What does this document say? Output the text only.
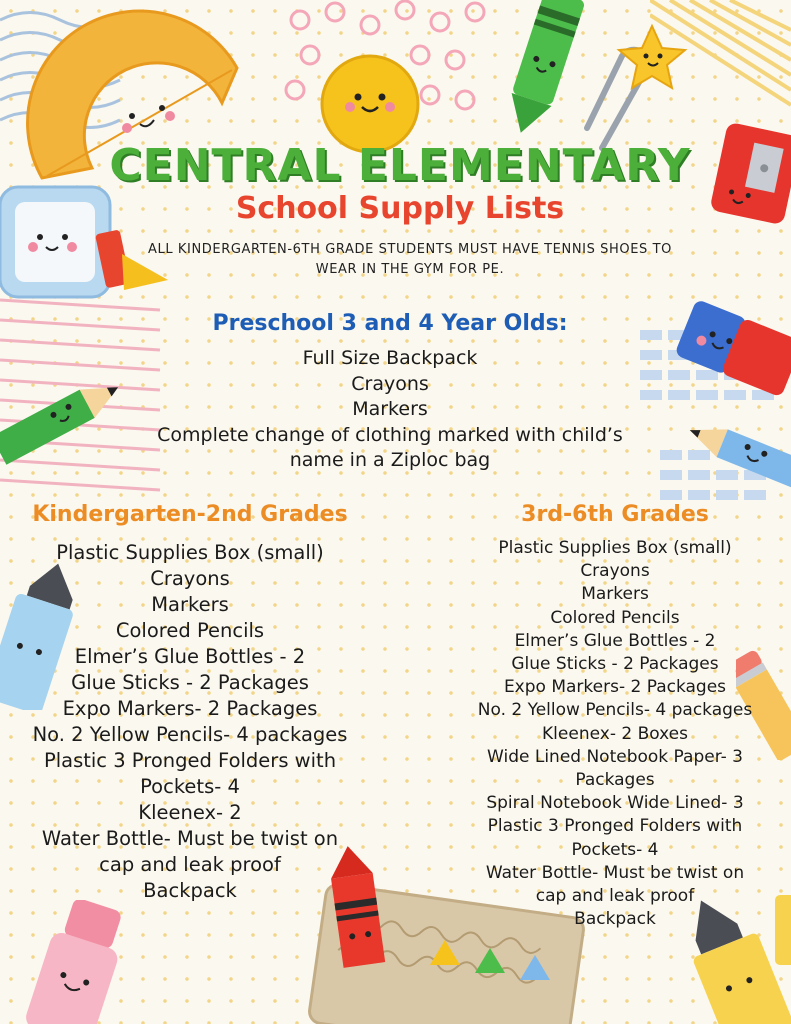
CENTRAL ELEMENTARY
School Supply Lists
ALL KINDERGARTEN-6TH GRADE STUDENTS MUST HAVE TENNIS SHOES TO WEAR IN THE GYM FOR PE.
Preschool 3 and 4 Year Olds:
Full Size Backpack
Crayons
Markers
Complete change of clothing marked with child’s name in a Ziploc bag
Kindergarten-2nd Grades
Plastic Supplies Box (small)
Crayons
Markers
Colored Pencils
Elmer’s Glue Bottles - 2
Glue Sticks - 2 Packages
Expo Markers- 2 Packages
No. 2 Yellow Pencils- 4 packages
Plastic 3 Pronged Folders with Pockets- 4
Kleenex- 2
Water Bottle- Must be twist on cap and leak proof
Backpack
3rd-6th Grades
Plastic Supplies Box (small)
Crayons
Markers
Colored Pencils
Elmer’s Glue Bottles - 2
Glue Sticks - 2 Packages
Expo Markers- 2 Packages
No. 2 Yellow Pencils- 4 packages
Kleenex- 2 Boxes
Wide Lined Notebook Paper- 3 Packages
Spiral Notebook Wide Lined- 3
Plastic 3 Pronged Folders with Pockets- 4
Water Bottle- Must be twist on cap and leak proof
Backpack
